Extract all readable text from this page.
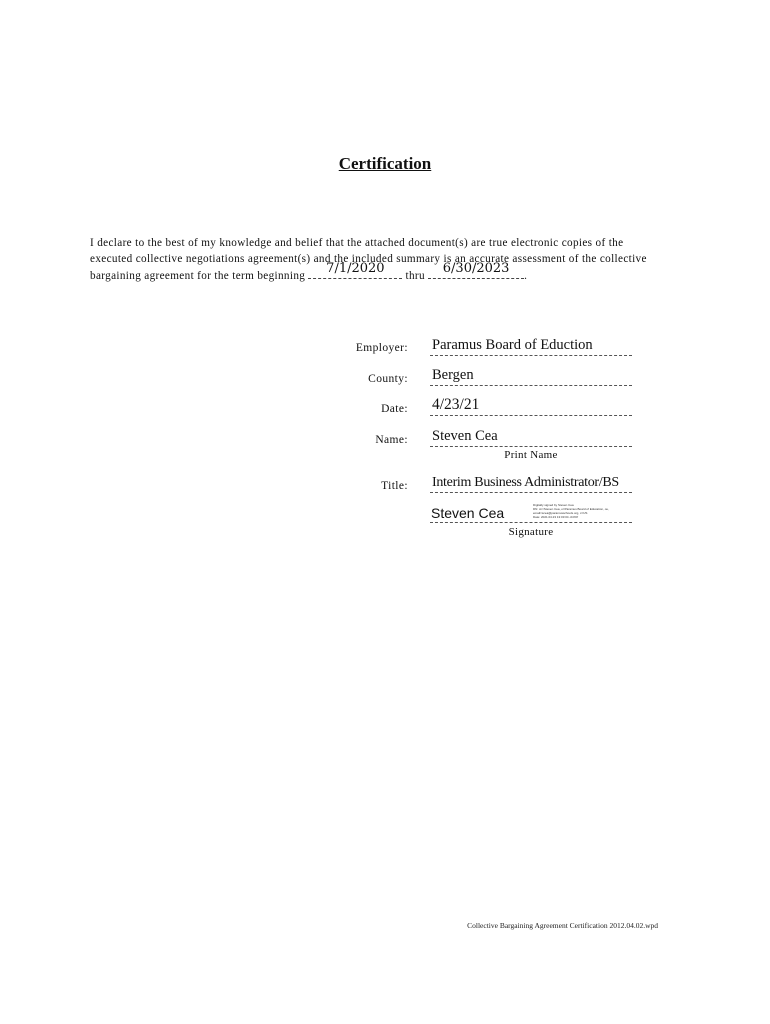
Certification
I declare to the best of my knowledge and belief that the attached document(s) are true electronic copies of the
executed collective negotiations agreement(s) and the included summary is an accurate assessment of the collective
bargaining agreement for the term beginning	7/1/2020	thru	6/30/2023	.
Employer: Paramus Board of Eduction
County: Bergen
Date: 4/23/21
Name: Steven Cea
Print Name
Title: Interim Business Administrator/BS
Steven Cea	Digitally signed by Steven Cea
DN: cn=Steven Cea, o=Paramus Board of Education, ou,
email=scea@paramusschools.org, c=US
Date: 2021.04.23 13:03:04 -04'00'
Signature
Collective Bargaining Agreement Certification 2012.04.02.wpd
